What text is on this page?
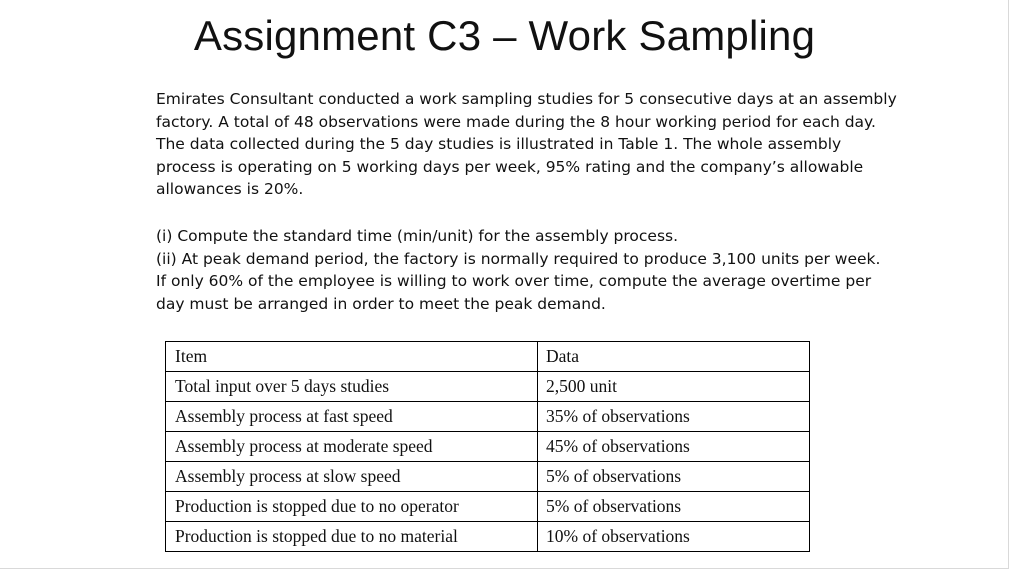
Assignment C3 – Work Sampling

Emirates Consultant conducted a work sampling studies for 5 consecutive days at an assembly
factory. A total of 48 observations were made during the 8 hour working period for each day.
The data collected during the 5 day studies is illustrated in Table 1. The whole assembly
process is operating on 5 working days per week, 95% rating and the company’s allowable
allowances is 20%.

(i) Compute the standard time (min/unit) for the assembly process.
(ii) At peak demand period, the factory is normally required to produce 3,100 units per week.
If only 60% of the employee is willing to work over time, compute the average overtime per
day must be arranged in order to meet the peak demand.

Item	Data
Total input over 5 days studies	2,500 unit
Assembly process at fast speed	35% of observations
Assembly process at moderate speed	45% of observations
Assembly process at slow speed	5% of observations
Production is stopped due to no operator	5% of observations
Production is stopped due to no material	10% of observations
